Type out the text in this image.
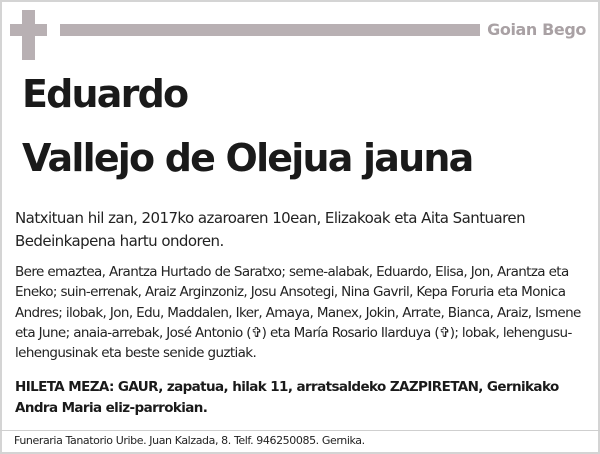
Goian Bego
Eduardo
Vallejo de Olejua jauna
Natxituan hil zan, 2017ko azaroaren 10ean, Elizakoak eta Aita Santuaren Bedeinkapena hartu ondoren.
Bere emaztea, Arantza Hurtado de Saratxo; seme-alabak, Eduardo, Elisa, Jon, Arantza eta Eneko; suin-errenak, Araiz Arginzoniz, Josu Ansotegi, Nina Gavril, Kepa Foruria eta Monica Andres; ilobak, Jon, Edu, Maddalen, Iker, Amaya, Manex, Jokin, Arrate, Bianca, Araiz, Ismene eta June; anaia-arrebak, José Antonio (✞) eta María Rosario Ilarduya (✞); lobak, lehengusu-lehengusinak eta beste senide guztiak.
HILETA MEZA: GAUR, zapatua, hilak 11, arratsaldeko ZAZPIRETAN, Gernikako Andra Maria eliz-parrokian.
Funeraria Tanatorio Uribe. Juan Kalzada, 8. Telf. 946250085. Gernika.
